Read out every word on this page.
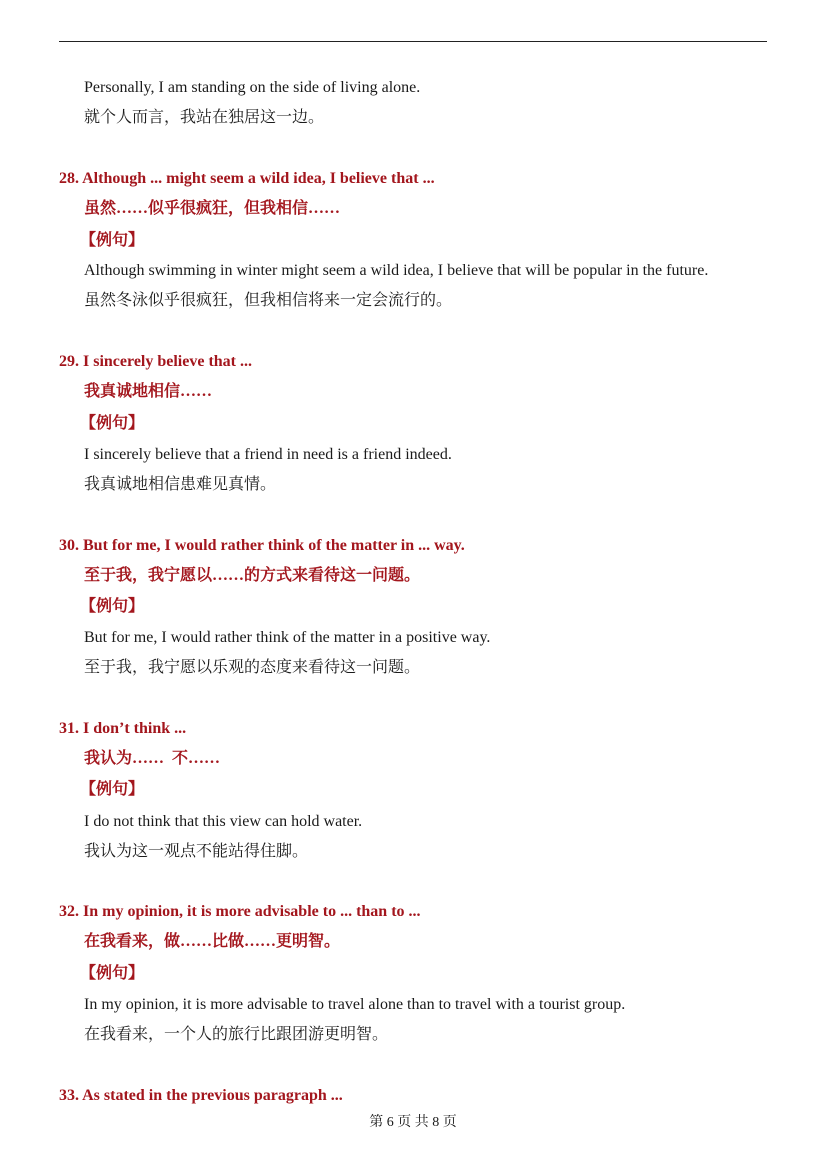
Personally, I am standing on the side of living alone.
就个人而言，我站在独居这一边。
28. Although ... might seem a wild idea, I believe that ...
虽然……似乎很疯狂，但我相信……
【例句】
Although swimming in winter might seem a wild idea, I believe that will be popular in the future.
虽然冬泳似乎很疯狂，但我相信将来一定会流行的。
29. I sincerely believe that ...
我真诚地相信……
【例句】
I sincerely believe that a friend in need is a friend indeed.
我真诚地相信患难见真情。
30. But for me, I would rather think of the matter in ... way.
至于我，我宁愿以……的方式来看待这一问题。
【例句】
But for me, I would rather think of the matter in a positive way.
至于我，我宁愿以乐观的态度来看待这一问题。
31. I don’t think ...
我认为……  不……
【例句】
I do not think that this view can hold water.
我认为这一观点不能站得住脚。
32. In my opinion, it is more advisable to ... than to ...
在我看来，做……比做……更明智。
【例句】
In my opinion, it is more advisable to travel alone than to travel with a tourist group.
在我看来，一个人的旅行比跟团游更明智。
33. As stated in the previous paragraph ...
第 6 页 共 8 页
